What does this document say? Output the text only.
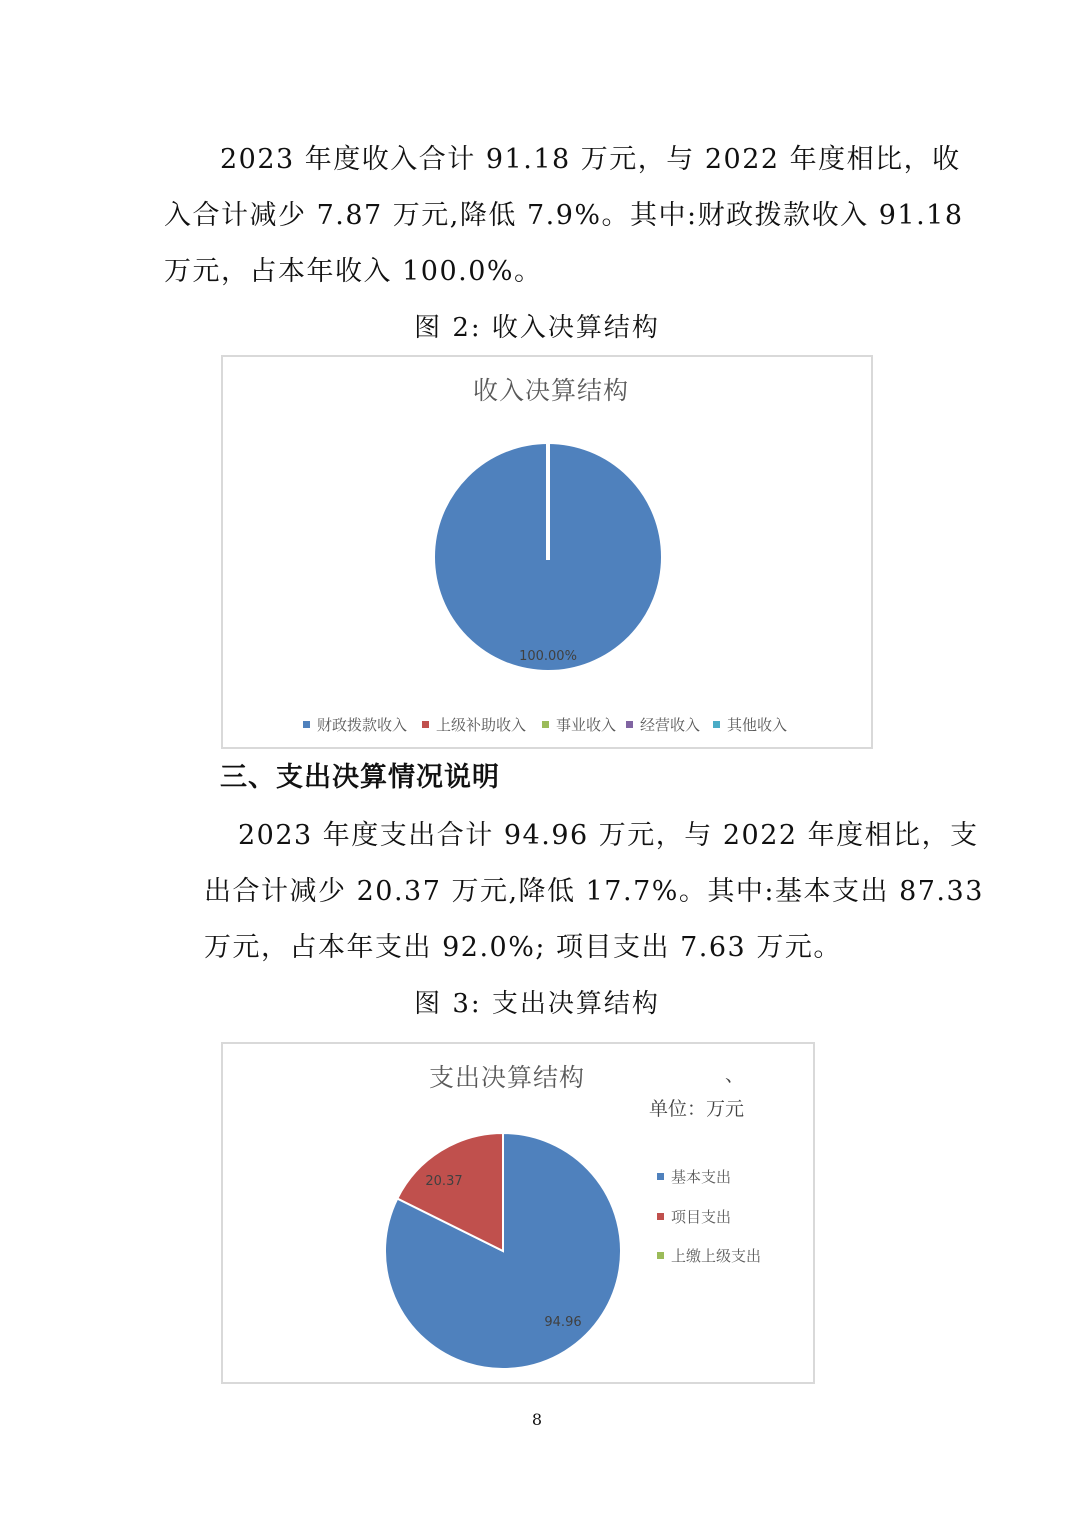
2023 年度收入合计 91.18 万元，与 2022 年度相比，收
入合计减少 7.87 万元,降低 7.9%。其中:财政拨款收入 91.18
万元，占本年收入 100.0%。
图 2: 收入决算结构
收入决算结构
100.00%
财政拨款收入 上级补助收入 事业收入 经营收入 其他收入
三、支出决算情况说明
2023 年度支出合计 94.96 万元，与 2022 年度相比，支
出合计减少 20.37 万元,降低 17.7%。其中:基本支出 87.33
万元，占本年支出 92.0%; 项目支出 7.63 万元。
图 3: 支出决算结构
支出决算结构	、
单位：万元
94.96
20.37	基本支出
项目支出
上缴上级支出
8
